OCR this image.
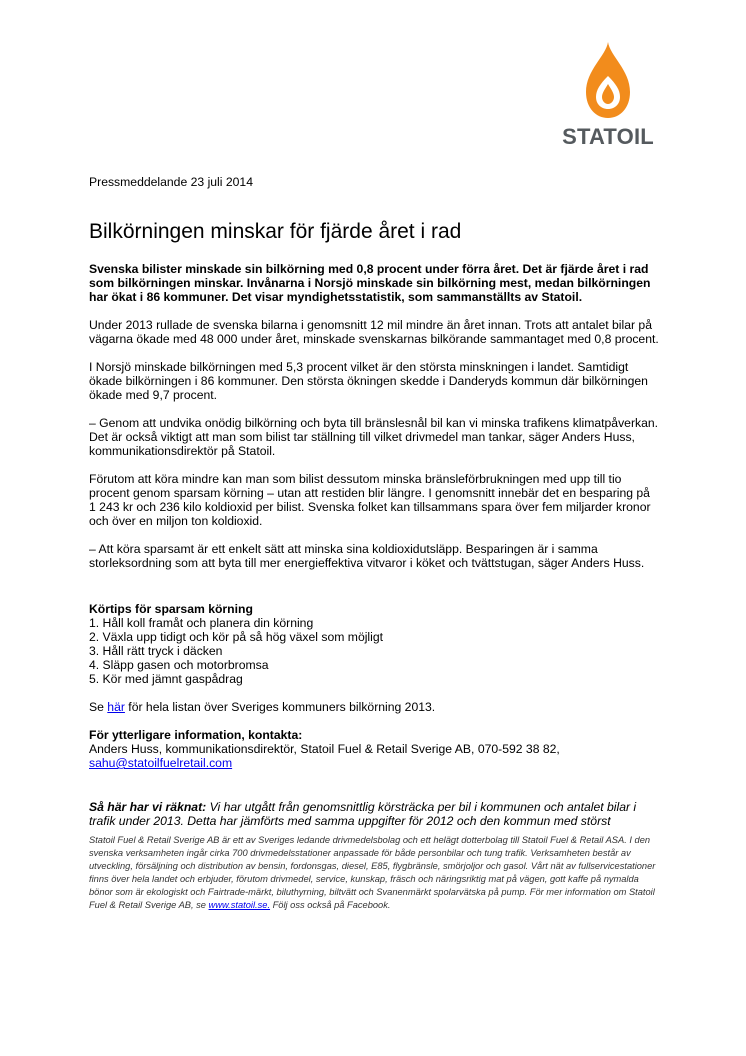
STATOIL

Pressmeddelande 23 juli 2014

Bilkörningen minskar för fjärde året i rad

Svenska bilister minskade sin bilkörning med 0,8 procent under förra året. Det är fjärde året i rad som bilkörningen minskar. Invånarna i Norsjö minskade sin bilkörning mest, medan bilkörningen har ökat i 86 kommuner. Det visar myndighetsstatistik, som sammanställts av Statoil.

Under 2013 rullade de svenska bilarna i genomsnitt 12 mil mindre än året innan. Trots att antalet bilar på vägarna ökade med 48 000 under året, minskade svenskarnas bilkörande sammantaget med 0,8 procent.

I Norsjö minskade bilkörningen med 5,3 procent vilket är den största minskningen i landet. Samtidigt ökade bilkörningen i 86 kommuner. Den största ökningen skedde i Danderyds kommun där bilkörningen ökade med 9,7 procent.

– Genom att undvika onödig bilkörning och byta till bränslesnål bil kan vi minska trafikens klimatpåverkan. Det är också viktigt att man som bilist tar ställning till vilket drivmedel man tankar, säger Anders Huss, kommunikationsdirektör på Statoil.

Förutom att köra mindre kan man som bilist dessutom minska bränsleförbrukningen med upp till tio procent genom sparsam körning – utan att restiden blir längre. I genomsnitt innebär det en besparing på 1 243 kr och 236 kilo koldioxid per bilist. Svenska folket kan tillsammans spara över fem miljarder kronor och över en miljon ton koldioxid.

– Att köra sparsamt är ett enkelt sätt att minska sina koldioxidutsläpp. Besparingen är i samma storleksordning som att byta till mer energieffektiva vitvaror i köket och tvättstugan, säger Anders Huss.

Körtips för sparsam körning

1. Håll koll framåt och planera din körning
2. Växla upp tidigt och kör på så hög växel som möjligt
3. Håll rätt tryck i däcken
4. Släpp gasen och motorbromsa
5. Kör med jämnt gaspådrag

Se här för hela listan över Sveriges kommuners bilkörning 2013.

För ytterligare information, kontakta:

Anders Huss, kommunikationsdirektör, Statoil Fuel & Retail Sverige AB, 070-592 38 82,
sahu@statoilfuelretail.com

Så här har vi räknat: Vi har utgått från genomsnittlig körsträcka per bil i kommunen och antalet bilar i trafik under 2013. Detta har jämförts med samma uppgifter för 2012 och den kommun med störst

Statoil Fuel & Retail Sverige AB är ett av Sveriges ledande drivmedelsbolag och ett helägt dotterbolag till Statoil Fuel & Retail ASA. I den svenska verksamheten ingår cirka 700 drivmedelsstationer anpassade för både personbilar och tung trafik. Verksamheten består av utveckling, försäljning och distribution av bensin, fordonsgas, diesel, E85, flygbränsle, smörjoljor och gasol. Vårt nät av fullservicestationer finns över hela landet och erbjuder, förutom drivmedel, service, kunskap, fräsch och näringsriktig mat på vägen, gott kaffe på nymalda bönor som är ekologiskt och Fairtrade-märkt, biluthyrning, biltvätt och Svanenmärkt spolarvätska på pump. För mer information om Statoil Fuel & Retail Sverige AB, se www.statoil.se. Följ oss också på Facebook.
